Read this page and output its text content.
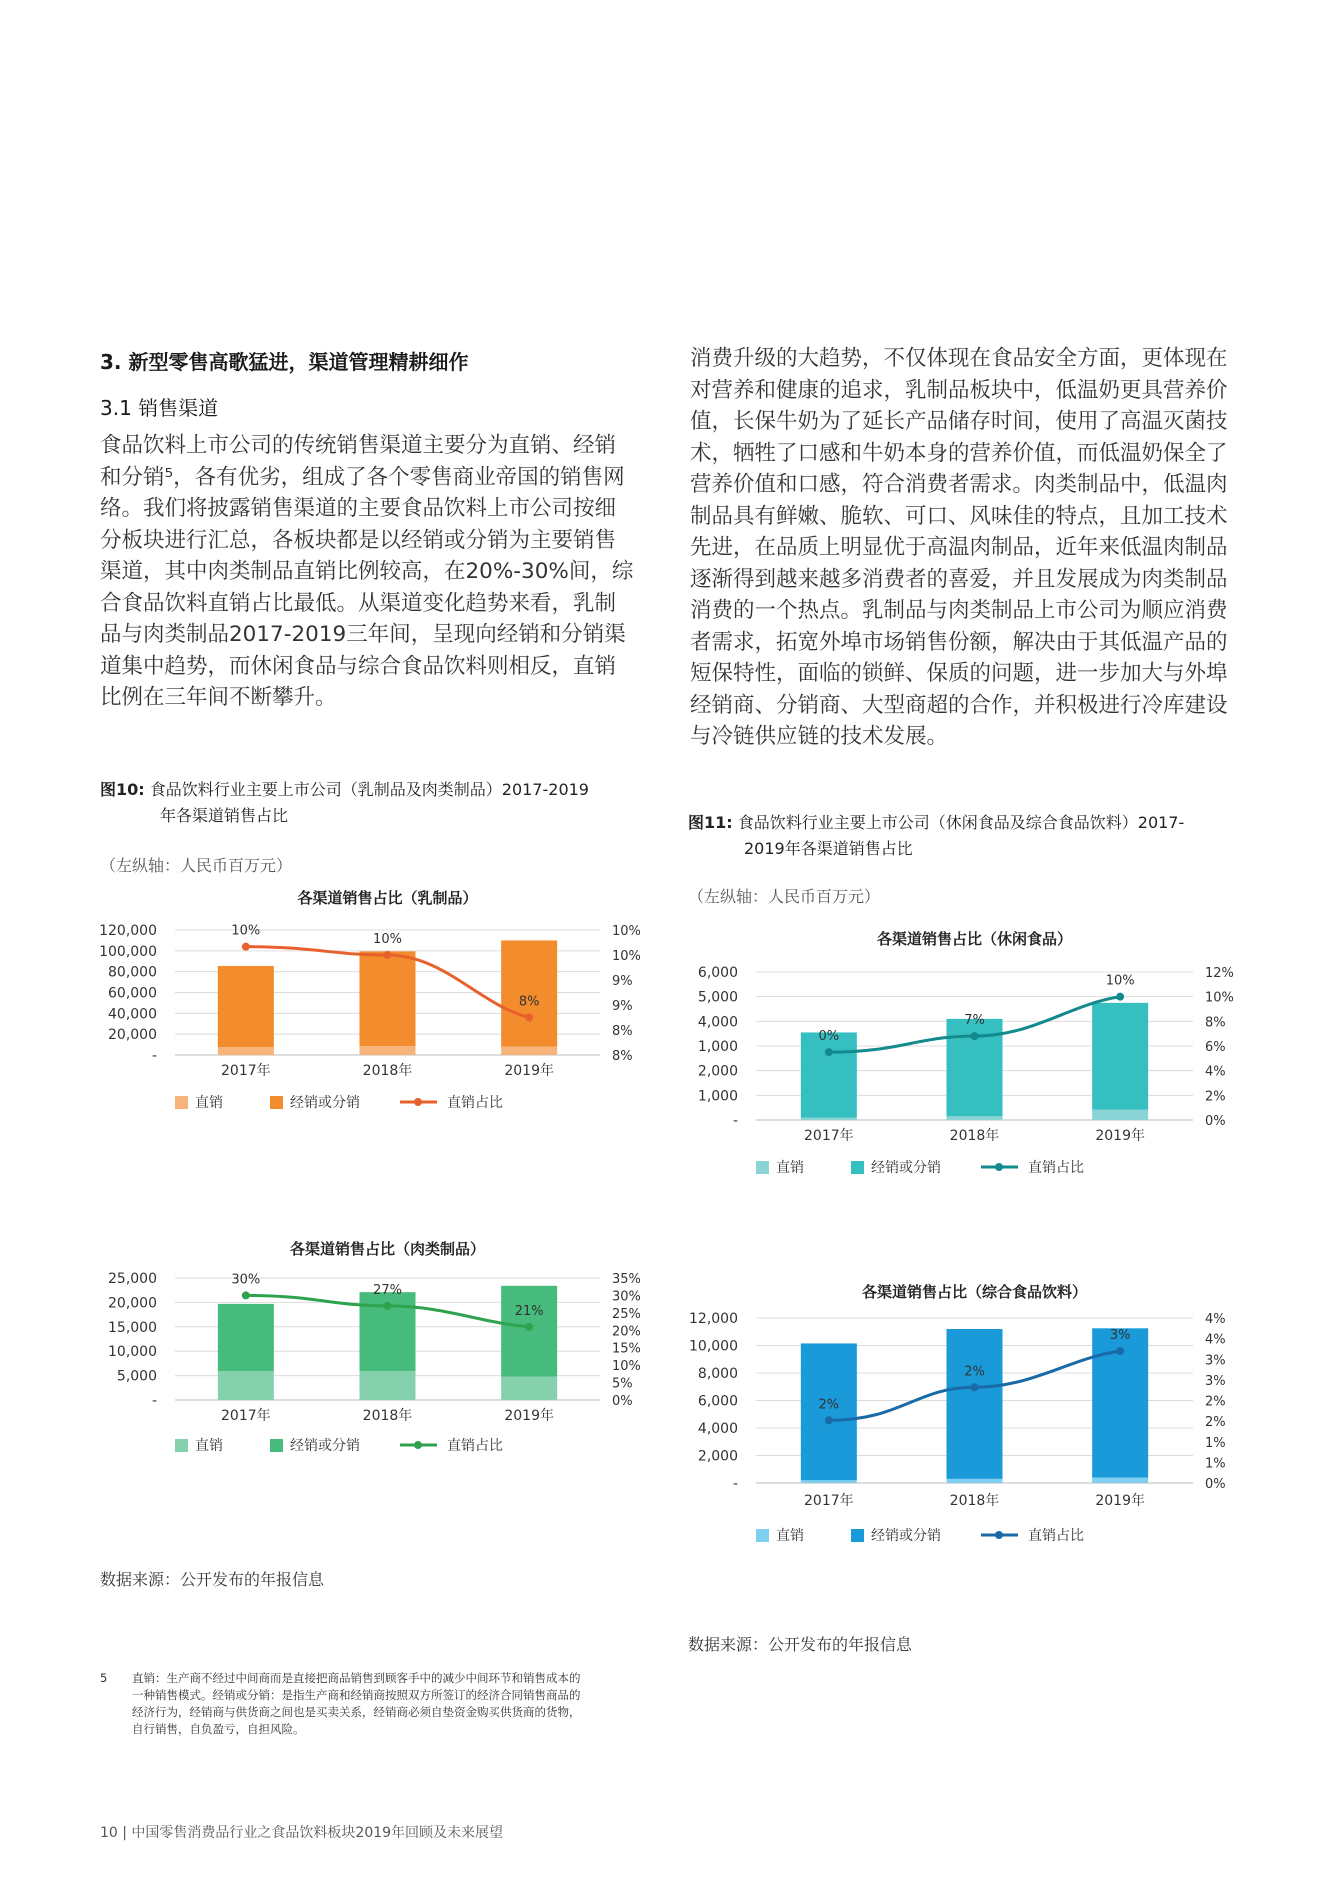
3. 新型零售高歌猛进，渠道管理精耕细作
3.1 销售渠道

食品饮料上市公司的传统销售渠道主要分为直销、经销

和分销⁵，各有优劣，组成了各个零售商业帝国的销售网

络。我们将披露销售渠道的主要食品饮料上市公司按细

分板块进行汇总，各板块都是以经销或分销为主要销售

渠道，其中肉类制品直销比例较高，在20%-30%间，综

合食品饮料直销占比最低。从渠道变化趋势来看，乳制

品与肉类制品2017-2019三年间，呈现向经销和分销渠

道集中趋势，而休闲食品与综合食品饮料则相反，直销

比例在三年间不断攀升。

消费升级的大趋势，不仅体现在食品安全方面，更体现在

对营养和健康的追求，乳制品板块中，低温奶更具营养价

值，长保牛奶为了延长产品储存时间，使用了高温灭菌技

术，牺牲了口感和牛奶本身的营养价值，而低温奶保全了

营养价值和口感，符合消费者需求。肉类制品中，低温肉

制品具有鲜嫩、脆软、可口、风味佳的特点，且加工技术

先进，在品质上明显优于高温肉制品，近年来低温肉制品

逐渐得到越来越多消费者的喜爱，并且发展成为肉类制品

消费的一个热点。乳制品与肉类制品上市公司为顺应消费

者需求，拓宽外埠市场销售份额，解决由于其低温产品的

短保特性，面临的锁鲜、保质的问题，进一步加大与外埠

经销商、分销商、大型商超的合作，并积极进行冷库建设

与冷链供应链的技术发展。

图10: 食品饮料行业主要上市公司（乳制品及肉类制品）2017-2019
年各渠道销售占比
（左纵轴：人民币百万元）
图11: 食品饮料行业主要上市公司（休闲食品及综合食品饮料）2017-
2019年各渠道销售占比
（左纵轴：人民币百万元）
各渠道销售占比（乳制品）
120,000
100,000
80,000
60,000
40,000
20,000
-
10%
10%
9%
9%
8%
8%
2017年	2018年	2019年
10%
10%
8%
直销	经销或分销	直销占比
各渠道销售占比（肉类制品）
25,000
20,000
15,000
10,000
5,000
-
35%
30%
25%
20%
15%
10%
5%
0%
2017年	2018年	2019年
30%
27%
21%
直销	经销或分销	直销占比
各渠道销售占比（休闲食品）
6,000
5,000
4,000
1,000
2,000
1,000
-
12%
10%
8%
6%
4%
2%
0%
2017年	2018年	2019年
0%
7%
10%
直销	经销或分销	直销占比
各渠道销售占比（综合食品饮料）
12,000
10,000
8,000
6,000
4,000
2,000
-
4%
4%
3%
3%
2%
2%
1%
1%
0%
2017年	2018年	2019年
2%
2%
3%
直销	经销或分销	直销占比
数据来源：公开发布的年报信息
数据来源：公开发布的年报信息
5 直销：生产商不经过中间商而是直接把商品销售到顾客手中的减少中间环节和销售成本的
一种销售模式。经销或分销：是指生产商和经销商按照双方所签订的经济合同销售商品的
经济行为，经销商与供货商之间也是买卖关系，经销商必须自垫资金购买供货商的货物，
自行销售，自负盈亏，自担风险。
10 | 中国零售消费品行业之食品饮料板块2019年回顾及未来展望
